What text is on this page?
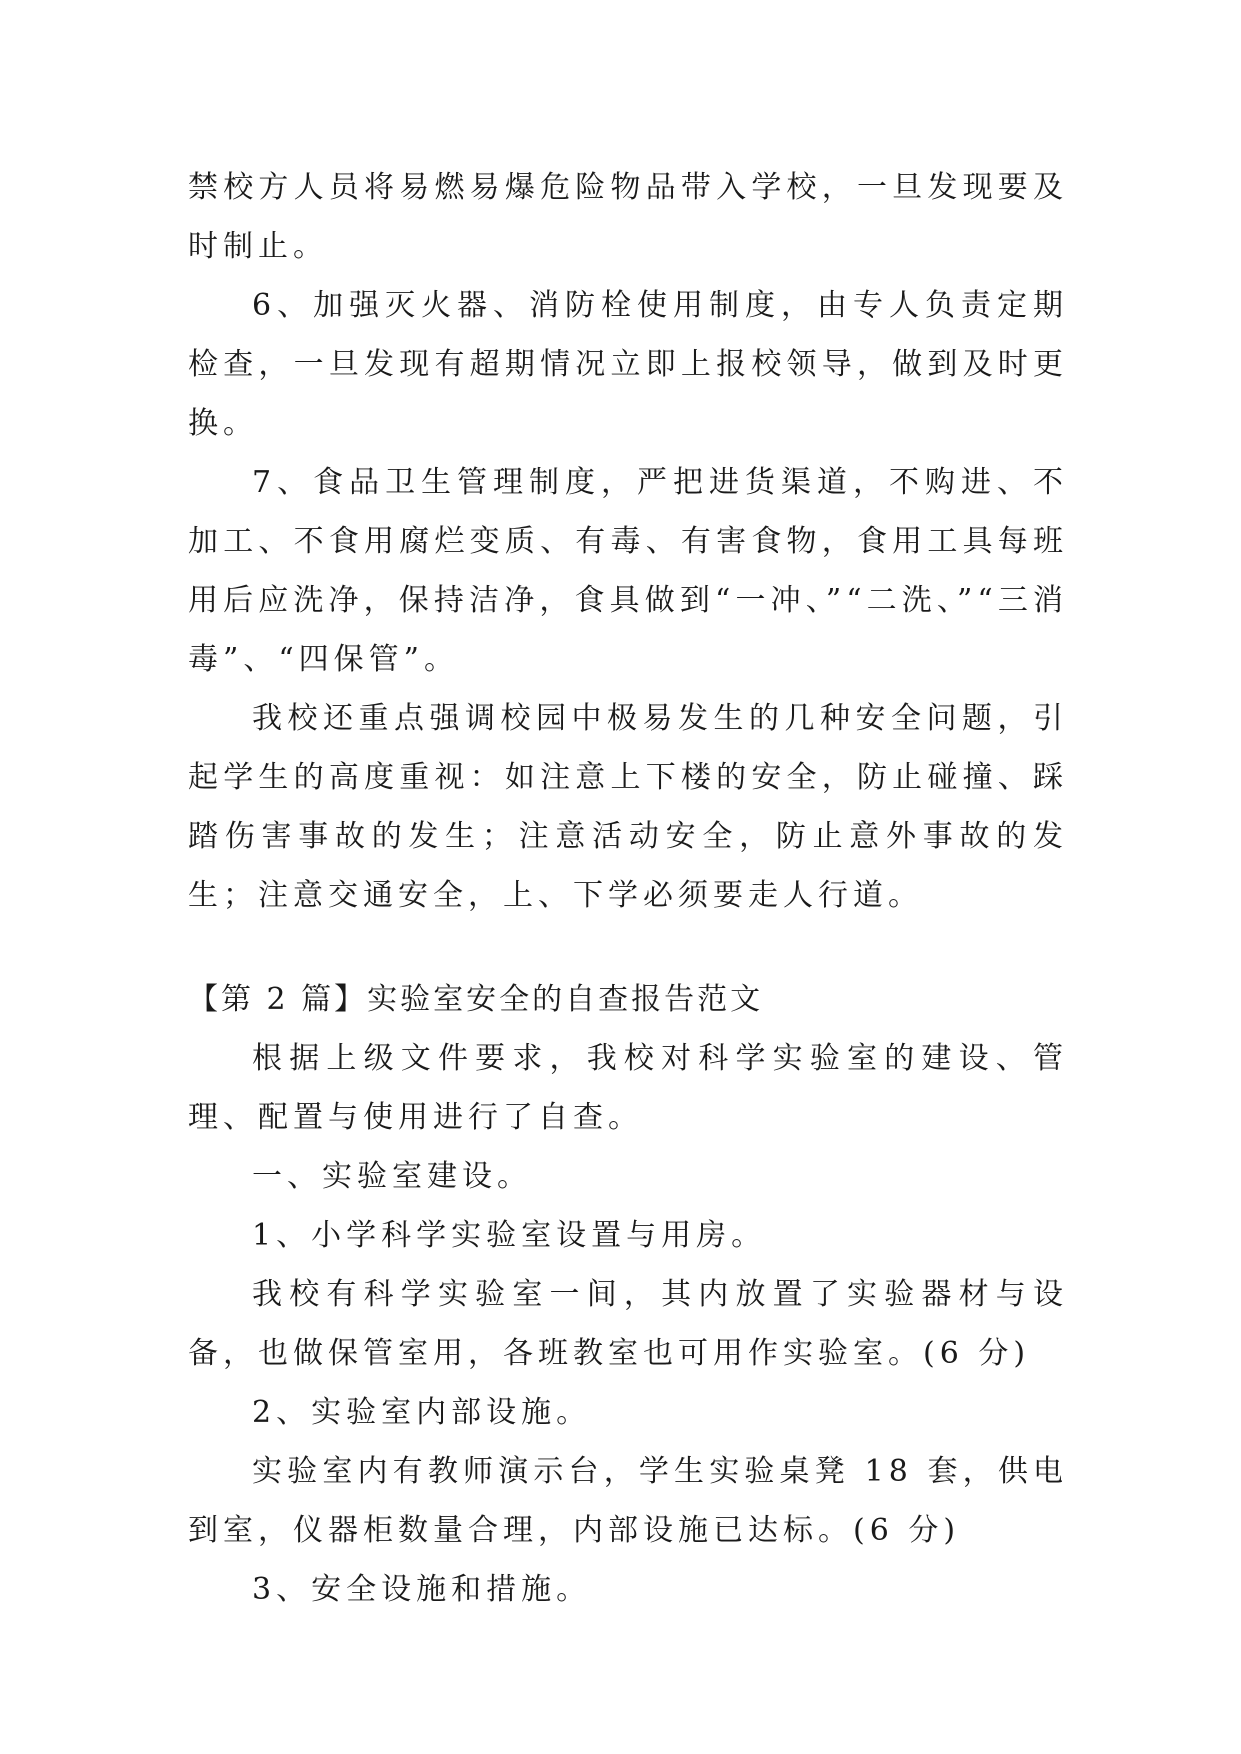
禁校方人员将易燃易爆危险物品带入学校，一旦发现要及时制止。

6、加强灭火器、消防栓使用制度，由专人负责定期检查，一旦发现有超期情况立即上报校领导，做到及时更换。

7、食品卫生管理制度，严把进货渠道，不购进、不加工、不食用腐烂变质、有毒、有害食物，食用工具每班用后应洗净，保持洁净，食具做到“一冲、”“二洗、”“三消毒”、“四保管”。

我校还重点强调校园中极易发生的几种安全问题，引起学生的高度重视：如注意上下楼的安全，防止碰撞、踩踏伤害事故的发生；注意活动安全，防止意外事故的发生；注意交通安全，上、下学必须要走人行道。

【第 2 篇】实验室安全的自查报告范文

根据上级文件要求，我校对科学实验室的建设、管理、配置与使用进行了自查。

一、实验室建设。

1、小学科学实验室设置与用房。

我校有科学实验室一间，其内放置了实验器材与设备，也做保管室用，各班教室也可用作实验室。(6 分)

2、实验室内部设施。

实验室内有教师演示台，学生实验桌凳 18 套，供电到室，仪器柜数量合理，内部设施已达标。(6 分)

3、安全设施和措施。
